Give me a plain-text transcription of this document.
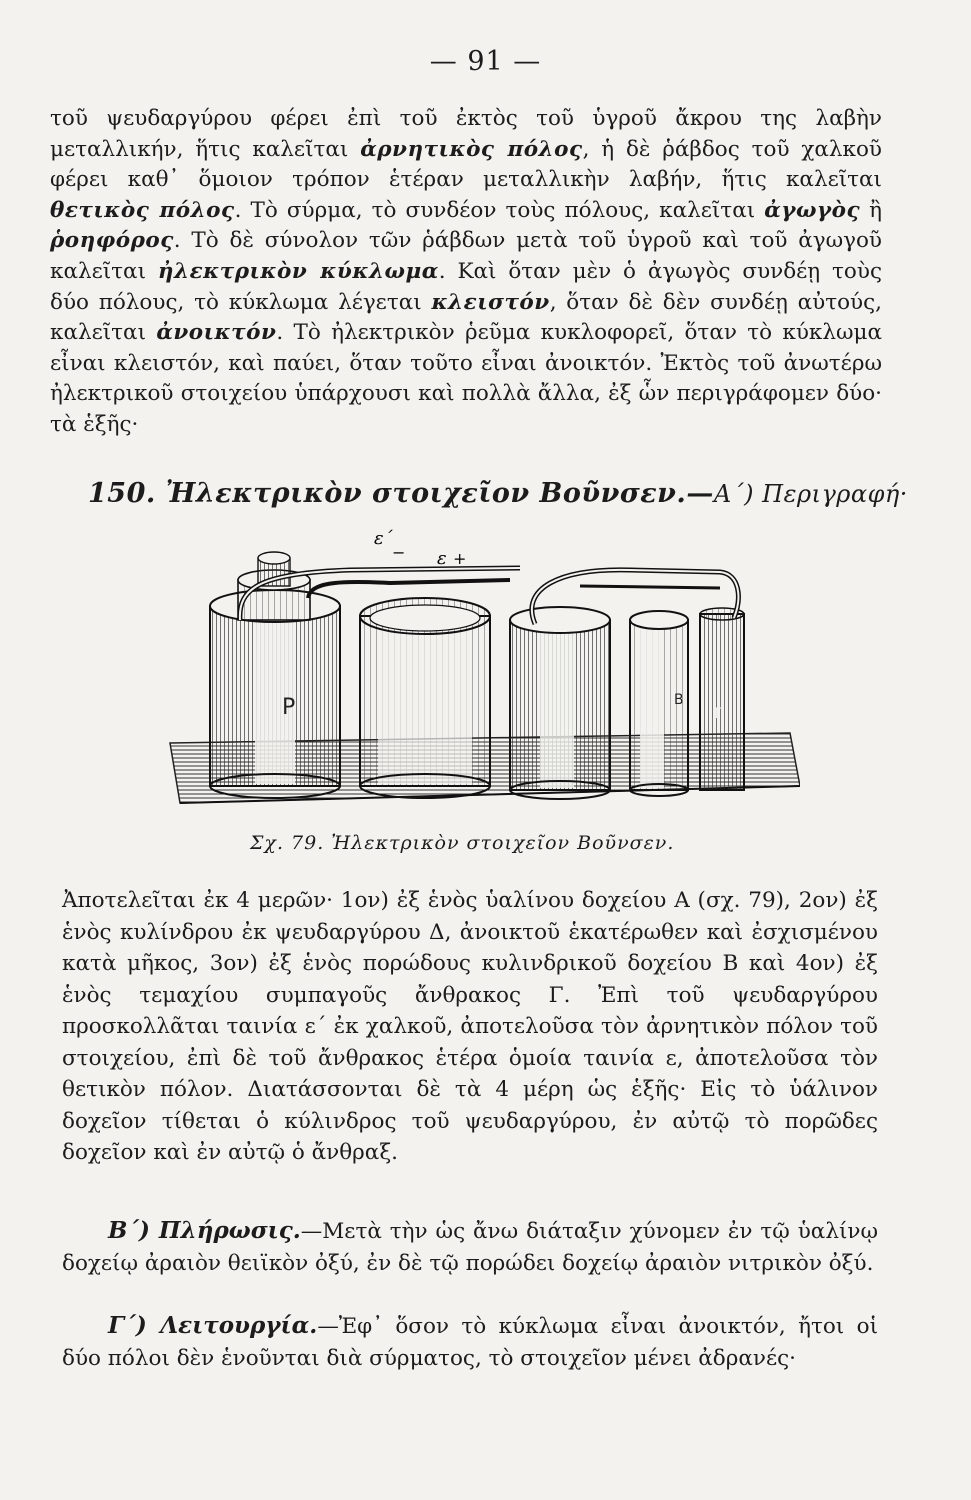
— 91 —

τοῦ ψευδαργύρου φέρει ἐπὶ τοῦ ἐκτὸς τοῦ ὑγροῦ ἄκρου της λαβὴν μεταλλικήν, ἥτις καλεῖται ἀρνητικὸς πόλος, ἡ δὲ ῥάβδος τοῦ χαλκοῦ φέρει καθ᾽ ὅμοιον τρόπον ἑτέραν μεταλλικὴν λαβήν, ἥτις καλεῖται θετικὸς πόλος. Τὸ σύρμα, τὸ συνδέον τοὺς πόλους, καλεῖται ἀγωγὸς ἢ ῥοηφόρος. Τὸ δὲ σύνολον τῶν ῥάβδων μετὰ τοῦ ὑγροῦ καὶ τοῦ ἀγωγοῦ καλεῖται ἠλεκτρικὸν κύκλωμα. Καὶ ὅταν μὲν ὁ ἀγωγὸς συνδέῃ τοὺς δύο πόλους, τὸ κύκλωμα λέγεται κλειστόν, ὅταν δὲ δὲν συνδέῃ αὐτούς, καλεῖται ἀνοικτόν. Τὸ ἠλεκτρικὸν ῥεῦμα κυκλοφορεῖ, ὅταν τὸ κύκλωμα εἶναι κλειστόν, καὶ παύει, ὅταν τοῦτο εἶναι ἀνοικτόν. Ἐκτὸς τοῦ ἀνωτέρω ἠλεκτρικοῦ στοιχείου ὑπάρχουσι καὶ πολλὰ ἄλλα, ἐξ ὧν περιγράφομεν δύο· τὰ ἑξῆς·

150. Ἠλεκτρικὸν στοιχεῖον Βοῦνσεν.—Α΄) Περιγραφή·
ε΄
− ε +
P	B
Γ
Σχ. 79. Ἠλεκτρικὸν στοιχεῖον Βοῦνσεν.

Ἀποτελεῖται ἐκ 4 μερῶν· 1ον) ἐξ ἑνὸς ὑαλίνου δοχείου Α (σχ. 79), 2ον) ἐξ ἑνὸς κυλίνδρου ἐκ ψευδαργύρου Δ, ἀνοικτοῦ ἑκατέρωθεν καὶ ἐσχισμένου κατὰ μῆκος, 3ον) ἐξ ἑνὸς πορώδους κυλινδρικοῦ δοχείου Β καὶ 4ον) ἐξ ἑνὸς τεμαχίου συμπαγοῦς ἄνθρακος Γ. Ἐπὶ τοῦ ψευδαργύρου προσκολλᾶται ταινία ε΄ ἐκ χαλκοῦ, ἀποτελοῦσα τὸν ἀρνητικὸν πόλον τοῦ στοιχείου, ἐπὶ δὲ τοῦ ἄνθρακος ἑτέρα ὁμοία ταινία ε, ἀποτελοῦσα τὸν θετικὸν πόλον. Διατάσσονται δὲ τὰ 4 μέρη ὡς ἑξῆς· Εἰς τὸ ὑάλινον δοχεῖον τίθεται ὁ κύλινδρος τοῦ ψευδαργύρου, ἐν αὐτῷ τὸ πορῶδες δοχεῖον καὶ ἐν αὐτῷ ὁ ἄνθραξ.

Β΄) Πλήρωσις.—Μετὰ τὴν ὡς ἄνω διάταξιν χύνομεν ἐν τῷ ὑαλίνῳ δοχείῳ ἀραιὸν θειϊκὸν ὀξύ, ἐν δὲ τῷ πορώδει δοχείῳ ἀραιὸν νιτρικὸν ὀξύ.

Γ΄) Λειτουργία.—Ἐφ᾽ ὅσον τὸ κύκλωμα εἶναι ἀνοικτόν, ἤτοι οἱ δύο πόλοι δὲν ἑνοῦνται διὰ σύρματος, τὸ στοιχεῖον μένει ἀδρανές·
